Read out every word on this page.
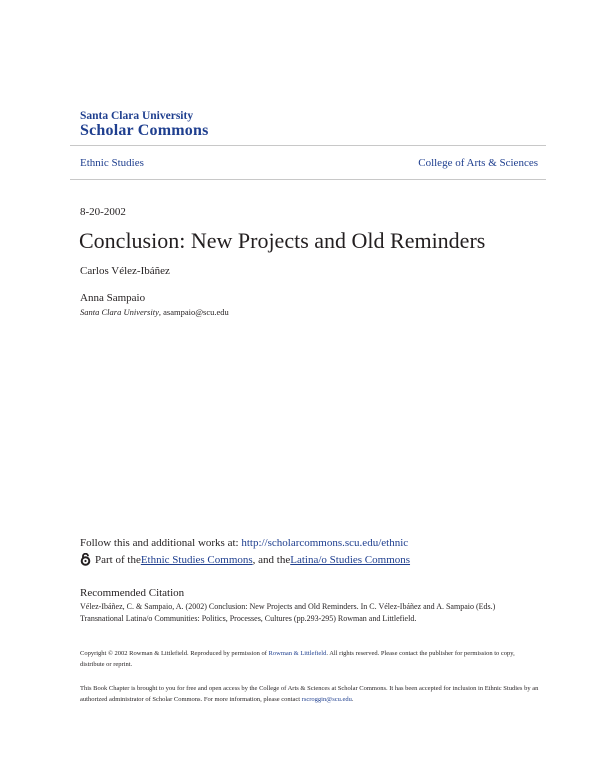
Santa Clara University
Scholar Commons
Ethnic Studies	College of Arts & Sciences
8-20-2002
Conclusion: New Projects and Old Reminders
Carlos Vélez-Ibáñez
Anna Sampaio
Santa Clara University, asampaio@scu.edu
Follow this and additional works at: http://scholarcommons.scu.edu/ethnic
Part of the Ethnic Studies Commons , and the Latina/o Studies Commons
Recommended Citation
Vélez-Ibáñez, C. & Sampaio, A. (2002) Conclusion: New Projects and Old Reminders. In C. Vélez-Ibáñez and A. Sampaio (Eds.)
Transnational Latina/o Communities: Politics, Processes, Cultures (pp.293-295) Rowman and Littlefield.
Copyright © 2002 Rowman & Littlefield. Reproduced by permission of Rowman & Littlefield. All rights reserved. Please contact the publisher for permission to copy, distribute or reprint.
This Book Chapter is brought to you for free and open access by the College of Arts & Sciences at Scholar Commons. It has been accepted for inclusion in Ethnic Studies by an authorized administrator of Scholar Commons. For more information, please contact rscroggin@scu.edu.
